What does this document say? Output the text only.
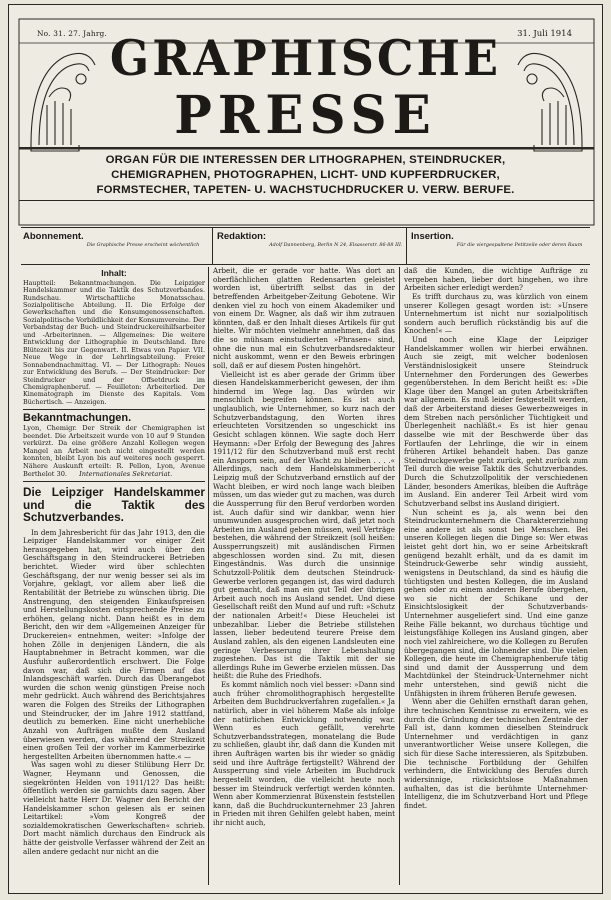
No. 31. 27. Jahrg.	31. Juli 1914
GRAPHISCHE
PRESSE
ORGAN FÜR DIE INTERESSEN DER LITHOGRAPHEN, STEINDRUCKER,
CHEMIGRAPHEN, PHOTOGRAPHEN, LICHT- UND KUPFERDRUCKER,
FORMSTECHER, TAPETEN- U. WACHSTUCHDRUCKER U. VERW. BERUFE.
Abonnement.
Die Graphische Presse erscheint wöchentlich
Redaktion:
Adolf Dannenberg, Berlin N 24, Elsasserstr. 86-88 III.
Insertion.
Für die viergespaltene Petitzeile oder deren Raum
Inhalt:
Hauptteil: Bekanntmachungen. Die Leipziger Handelskammer und die Taktik des Schutzverbandes. Rundschau. Wirtschaftliche Monatsschau. Sozialpolitische Abteilung. II. Die Erfolge der Gewerkschaften und die Konsumgenossenschaften. Sozialpolitische Vorbildlichkeit der Konsumvereine. Der Verbandstag der Buch- und Steindruckereihilfsarbeiter und -Arbeiterinnen. — Allgemeines: Die weitere Entwicklung der Lithographie in Deutschland. Ihre Blütezeit bis zur Gegenwart. II. Etwas von Papier. VII. Neue Wege in der Lehrlingsabteilung. Freier Sonnabendnachmittag. VI. — Der Lithograph: Neues zur Entwicklung des Berufs. — Der Steindrucker: Der Steindrucker und der Offsetdruck im Chemigraphenberuf. — Feuilleton: Arbeiterlied. Der Kinematograph im Dienste des Kapitals. Vom Büchertisch. — Anzeigen.
Bekanntmachungen.
Lyon, Chemigr. Der Streik der Chemigraphen ist beendet. Die Arbeitszeit wurde von 10 auf 9 Stunden verkürzt. Da eine größere Anzahl Kollegen wegen Mangel an Arbeit noch nicht eingestellt werden konnten, bleibt Lyon bis auf weiteres noch gesperrt. Nähere Auskunft erteilt: R. Pellon, Lyon, Avenue Berthelot 30. Internationales Sekretariat.
Die Leipziger Handelskammer und die Taktik des Schutzverbandes.

In dem Jahresbericht für das Jahr 1913, den die Leipziger Handelskammer vor einiger Zeit herausgegeben hat, wird auch über den Geschäftsgang in den Steindruckerei Betrieben berichtet. Wieder wird über schlechten Geschäftsgang, der nur wenig besser sei als im Vorjahre, geklagt, vor allem aber ließ die Rentabilität der Betriebe zu wünschen übrig. Die Anstrengung, den steigenden Einkaufspreisen und Herstellungskosten entsprechende Preise zu erhöhen, gelang nicht. Dann heißt es in dem Bericht, den wir dem »Allgemeinen Anzeiger für Druckereien« entnehmen, weiter: »Infolge der hohen Zölle in denjenigen Ländern, die als Hauptabnehmer in Betracht kommen, war die Ausfuhr außerordentlich erschwert. Die Folge davon war, daß sich die Firmen auf das Inlandsgeschäft warfen. Durch das Überangebot wurden die schon wenig günstigen Preise noch mehr gedrückt. Auch während des Berichtsjahres waren die Folgen des Streiks der Lithographen und Steindrucker, der im Jahre 1912 stattfand, deutlich zu bemerken. Eine nicht unerhebliche Anzahl von Aufträgen mußte dem Ausland überwiesen werden, das während der Streikzeit einen großen Teil der vorher im Kammerbezirke hergestellten Arbeiten übernommen hatte.« —

Was sagen wohl zu dieser Stilübung Herr Dr. Wagner, Heymann und Genossen, die siegekrönten Helden von 1911/12? Das heißt: öffentlich werden sie garnichts dazu sagen. Aber vielleicht hatte Herr Dr. Wagner den Bericht der Handelskammer schon gelesen als er seinen Leitartikel: »Vom Kongreß der sozialdemokratischen Gewerkschaften« schrieb. Dort macht nämlich durchaus den Eindruck als hätte der geistvolle Verfasser während der Zeit an allen andere gedacht nur nicht an die

Arbeit, die er gerade vor hatte. Was dort an oberflächlichen glatten Redensarten geleistet worden ist, übertrifft selbst das in der betreffenden Arbeitgeber-Zeitung Gebotene. Wir denken viel zu hoch von einem Akademiker und von einem Dr. Wagner, als daß wir ihm zutrauen könnten, daß er den Inhalt dieses Artikels für gut hielte. Wir möchten vielmehr annehmen, daß das die so mühsam einstudierten »Phrasen« sind, ohne die nun mal ein Schutzverbandsredakteur nicht auskommt, wenn er den Beweis erbringen soll, daß er auf diesem Posten hingehört.

Vielleicht ist es aber gerade der Grimm über diesen Handelskammerbericht gewesen, der ihm hindernd im Wege lag. Das würden wir menschlich begreifen können. Es ist auch unglaublich, wie Unternehmer, so kurz nach der Schutzverbandstagung, den Worten ihres erleuchteten Vorsitzenden so ungeschickt ins Gesicht schlagen können. Wie sagte doch Herr Heymann: »Der Erfolg der Bewegung des Jahres 1911/12 für den Schutzverband muß erst recht ein Ansporn sein, auf der Wacht zu bleiben . . . .« Allerdings, nach dem Handelskammerbericht Leipzig muß der Schutzverband ernstlich auf der Wacht bleiben, er wird noch lange wach bleiben müssen, um das wieder gut zu machen, was durch die Aussperrung für den Beruf verdorben worden ist. Auch dafür sind wir dankbar, wenn hier unumwunden ausgesprochen wird, daß jetzt noch Arbeiten im Ausland geben müssen, weil Verträge bestehen, die während der Streikzeit (soll heißen: Aussperrungszeit) mit ausländischen Firmen abgeschlossen worden sind. Zu mit, diesen Eingeständnis. Was durch die unsinnige Schutzzoll-Politik dem deutschen Steindruck-Gewerbe verloren gegangen ist, das wird dadurch gut gemacht, daß man ein gut Teil der übrigen Arbeit auch noch ins Ausland sendet. Und diese Gesellschaft reißt den Mund auf und ruft: »Schutz der nationalen Arbeit!« Diese Heuchelei ist unbezahlbar. Lieber die Betriebe stillstehen lassen, lieber bedeutend teurere Preise dem Ausland zahlen, als den eigenen Landsleuten eine geringe Verbesserung ihrer Lebenshaltung zugestehen. Das ist die Taktik mit der sie allerdings Ruhe im Gewerbe erzielen müssen. Das heißt: die Ruhe des Friedhofs.

Es kommt nämlich noch viel besser: »Dann sind auch früher chromolithographisch hergestellte Arbeiten dem Buchdruckverfahren zugefallen.« Ja natürlich, aber in viel höherem Maße als infolge der natürlichen Entwicklung notwendig war. Wenn es euch gefällt, verehrte Schutzverbandsstrategen, monatelang die Bude zu schließen, glaubt ihr, daß dann die Kunden mit ihren Aufträgen warten bis ihr wieder so gnädig seid und ihre Aufträge fertigstellt? Während der Aussperrung sind viele Arbeiten im Buchdruck hergestellt worden, die vielleicht heute noch besser im Steindruck verfertigt werden könnten. Wenn aber Kommerzienrat Büxenstein feststellen kann, daß die Buchdruckunternehmer 23 Jahren in Frieden mit ihren Gehilfen gelebt haben, meint ihr nicht auch,

daß die Kunden, die wichtige Aufträge zu vergeben haben, lieber dort hingehen, wo ihre Arbeiten sicher erledigt werden?

Es trifft durchaus zu, was kürzlich von einem unserer Kollegen gesagt worden ist: »Unsere Unternehmertum ist nicht nur sozialpolitisch sondern auch beruflich rückständig bis auf die Knochen!« —

Und noch eine Klage der Leipziger Handelskammer wollen wir hierbei erwähnen. Auch sie zeigt, mit welcher bodenlosen Verständnislosigkeit unsere Steindruck Unternehmer den Forderungen des Gewerbes gegenüberstehen. In dem Bericht heißt es: »Die Klage über den Mangel an guten Arbeitskräften war allgemein. Es muß leider festgestellt werden, daß der Arbeiterstand dieses Gewerbezweiges in dem Streben nach persönlicher Tüchtigkeit und Überlegenheit nachläßt.« Es ist hier genau dasselbe wie mit der Beschwerde über das Fortlaufen der Lehrlinge, die wir in einem früheren Artikel behandelt haben. Das ganze Steindruckgewerbe geht zurück, geht zurück zum Teil durch die weise Taktik des Schutzverbandes. Durch die Schutzzollpolitik der verschiedenen Länder, besonders Amerikas, bleiben die Aufträge im Ausland. Ein anderer Teil Arbeit wird vom Schutzverband selbst ins Ausland dirigiert.

Nun scheint es ja, als wenn bei den Steindruckunternehmern die Charaktererziehung eine andere ist als sonst bei Menschen. Bei unseren Kollegen liegen die Dinge so: Wer etwas leistet geht dort hin, wo er seine Arbeitskraft genügend bezahlt erhält, und da es damit im Steindruck-Gewerbe sehr windig aussieht, wenigstens in Deutschland, da sind es häufig die tüchtigsten und besten Kollegen, die im Ausland gehen oder zu einem anderen Berufe übergehen, wo sie nicht der Schikane und der Einsichtslosigkeit der Schutzverbands-Unternehmer ausgeliefert sind. Und eine ganze Reihe Fälle bekannt, wo durchaus tüchtige und leistungsfähige Kollegen ins Ausland gingen, aber noch viel zahlreichere, wo die Kollegen zu Berufen übergegangen sind, die lohnender sind. Die vielen Kollegen, die heute im Chemigraphenberufe tätig sind und damit der Aussperrung und dem Machtdünkel der Steindruck-Unternehmer nicht mehr unterstehen, sind gewiß nicht die Unfähigsten in ihrem früheren Berufe gewesen.

Wenn aber die Gehilfen ernsthaft daran gehen, ihre technischen Kenntnisse zu erweitern, wie es durch die Gründung der technischen Zentrale der Fall ist, dann kommen dieselben Steindruck Unternehmer und verdächtigen in ganz unverantwortlicher Weise unsere Kollegen, die sich für diese Sache interessieren, als Spitzbuben. Die technische Fortbildung der Gehilfen verhindern, die Entwicklung des Berufes durch widersinnige, rücksichtslose Maßnahmen aufhalten, das ist die berühmte Unternehmer-Intelligenz, die im Schutzverband Hort und Pflege findet.
